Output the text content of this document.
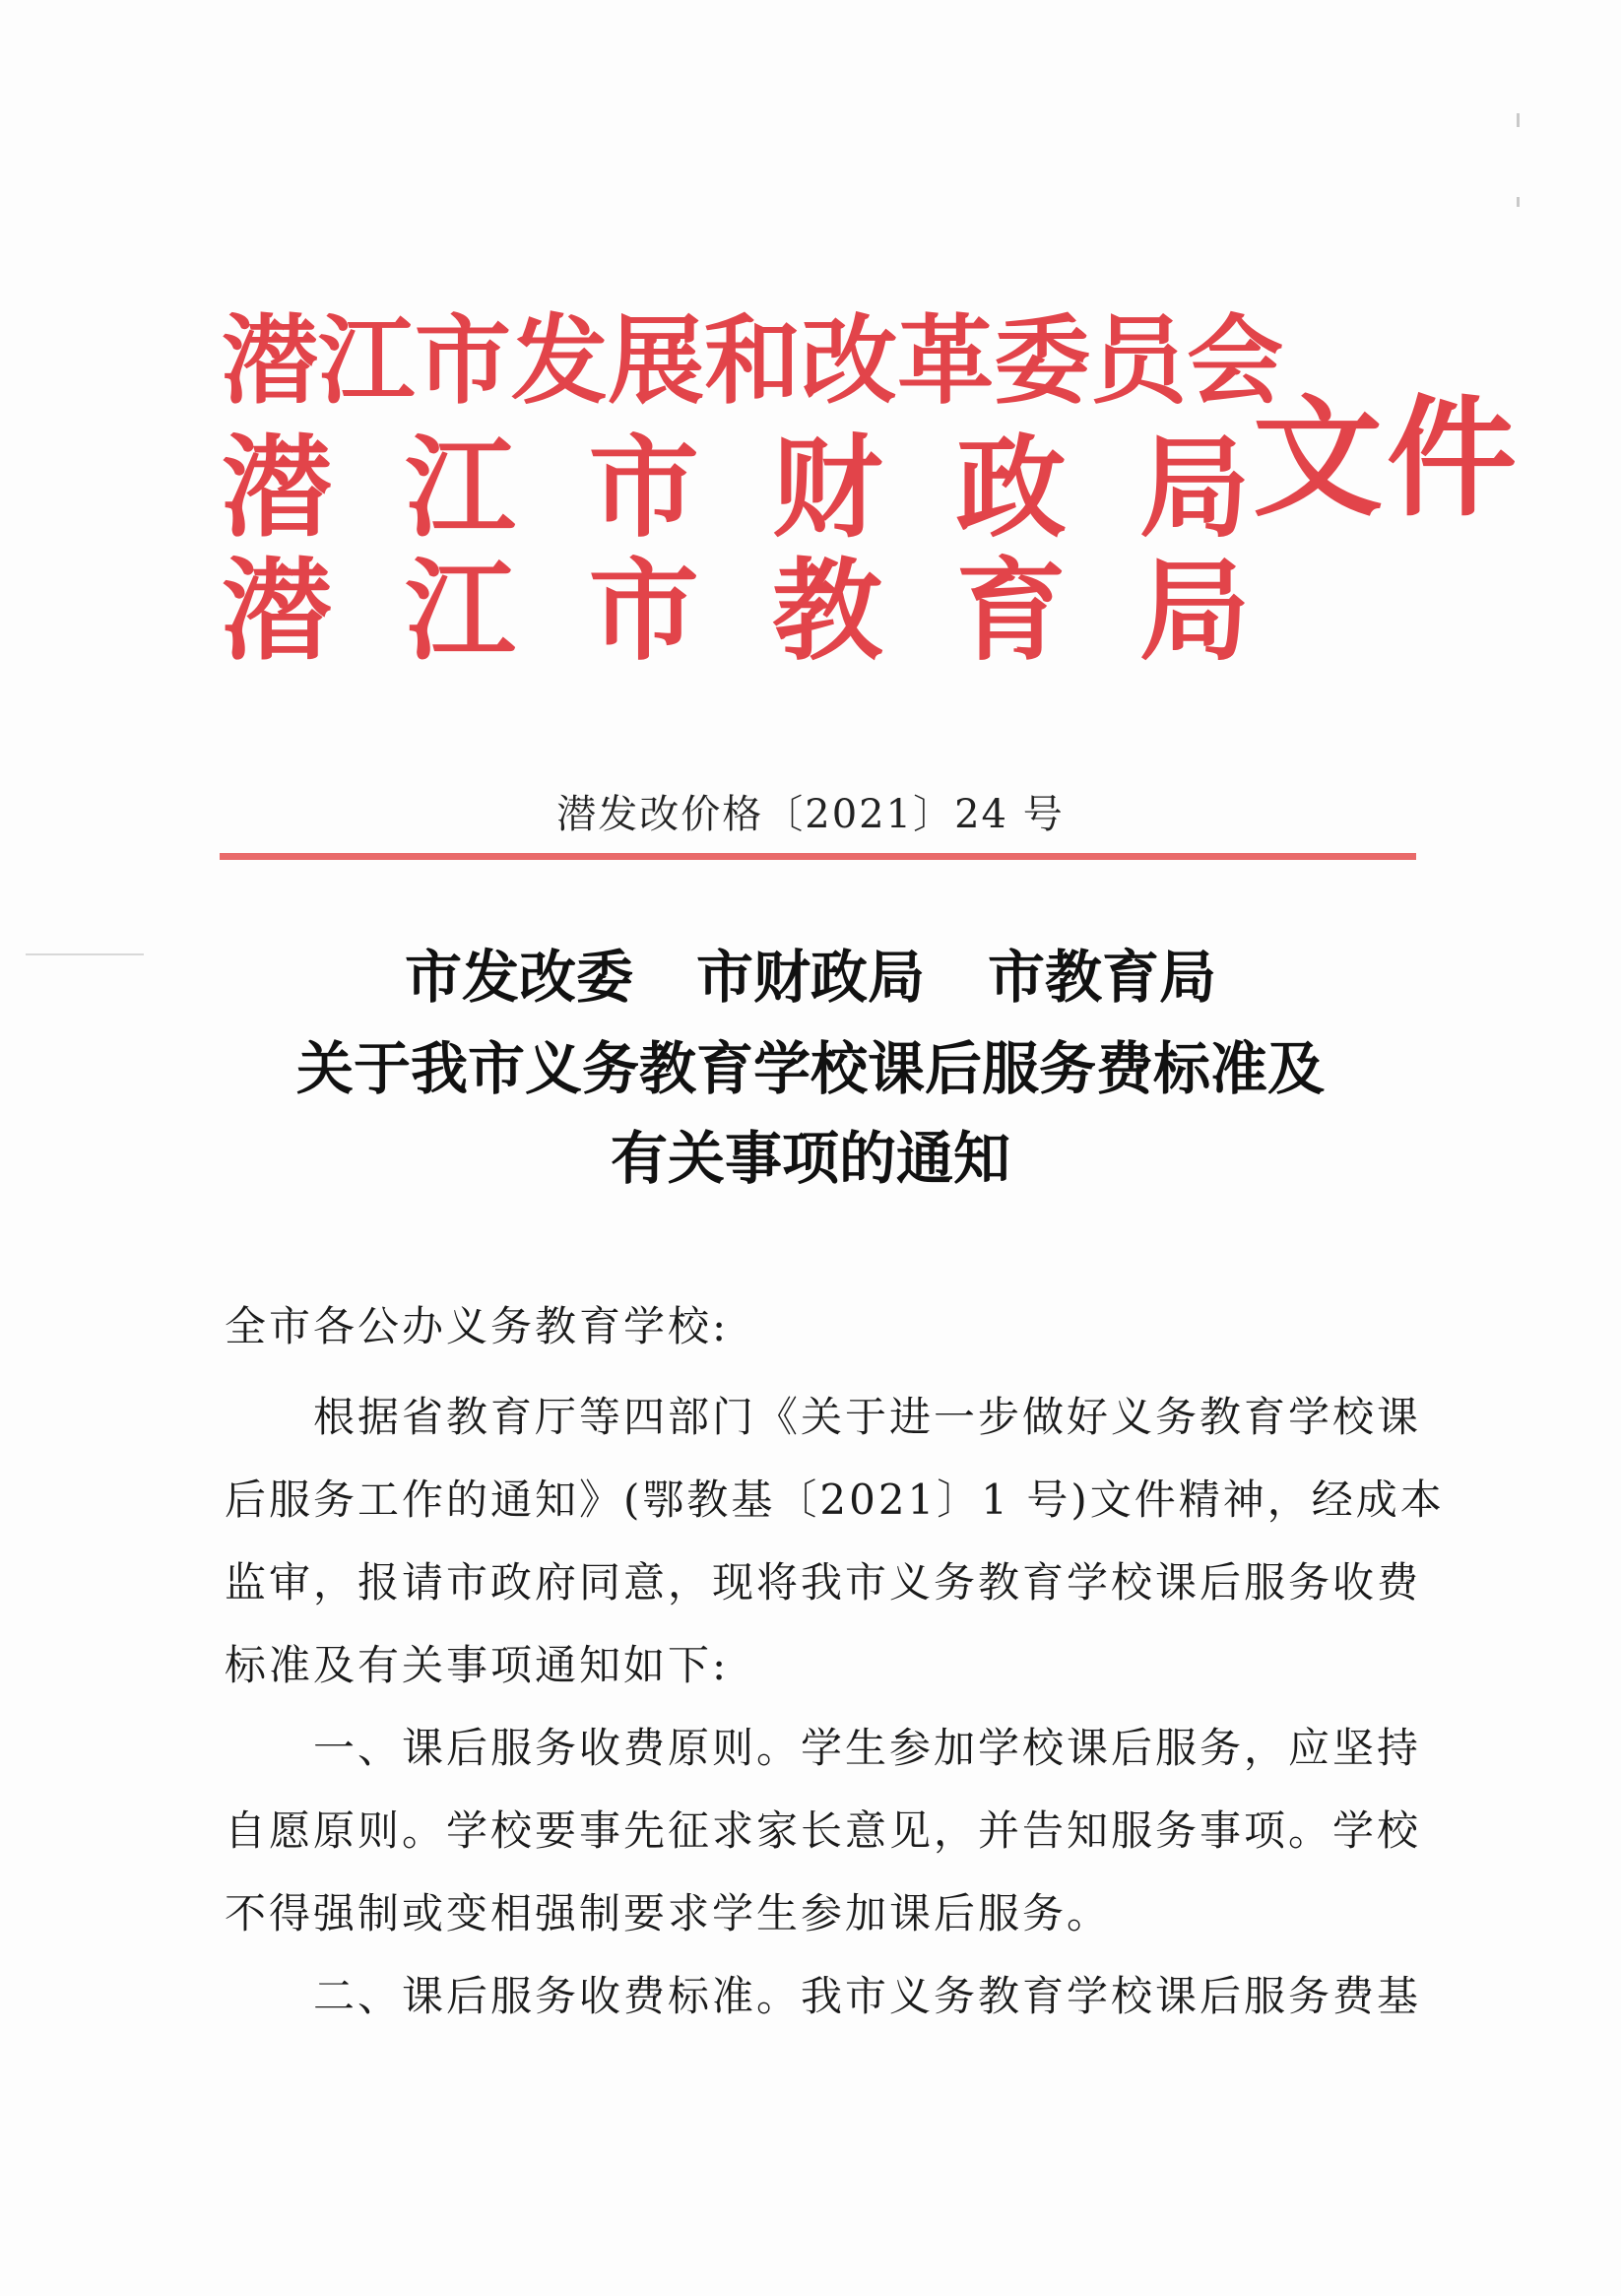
潜 江 市 发 展 和 改 革 委 员 会
潜 江 市 财 政 局 文件
潜 江 市 教 育 局
潜发改价格〔2021〕24 号
市发改委 市财政局 市教育局
关于我市义务教育学校课后服务费标准及
有关事项的通知
全市各公办义务教育学校:
　　根据省教育厅等四部门《关于进一步做好义务教育学校课
后服务工作的通知》(鄂教基〔2021〕1 号)文件精神，经成本
监审，报请市政府同意，现将我市义务教育学校课后服务收费
标准及有关事项通知如下:
　　一、课后服务收费原则。学生参加学校课后服务，应坚持
自愿原则。学校要事先征求家长意见，并告知服务事项。学校
不得强制或变相强制要求学生参加课后服务。
　　二、课后服务收费标准。我市义务教育学校课后服务费基
